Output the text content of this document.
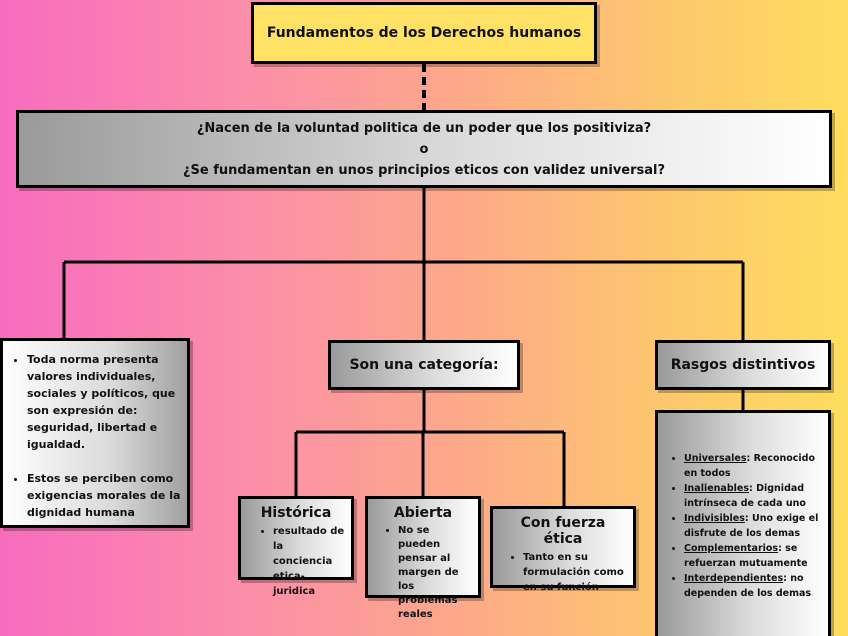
Fundamentos de los Derechos humanos
¿Nacen de la voluntad politica de un poder que los positiviza?
o
¿Se fundamentan en unos principios eticos con validez universal?
• Toda norma presenta valores individuales, sociales y políticos, que son expresión de: seguridad, libertad e igualdad.
• Estos se perciben como exigencias morales de la dignidad humana
Son una categoría:
Histórica
• resultado de la conciencia etica-juridica
Abierta
• No se pueden pensar al margen de los problemas reales
Con fuerza ética
• Tanto en su formulación como en su función
Rasgos distintivos
• Universales: Reconocido en todos
• Inalienables: Dignidad intrínseca de cada uno
• Indivisibles: Uno exige el disfrute de los demas
• Complementarios: se refuerzan mutuamente
• Interdependientes: no dependen de los demas
